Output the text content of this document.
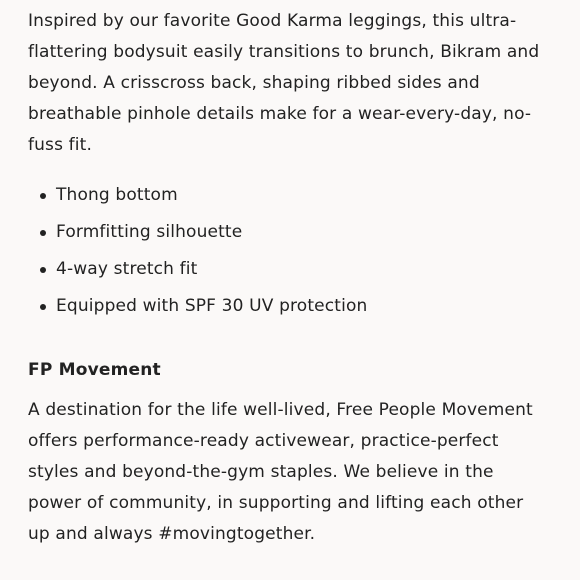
Inspired by our favorite Good Karma leggings, this ultra-flattering bodysuit easily transitions to brunch, Bikram and beyond. A crisscross back, shaping ribbed sides and breathable pinhole details make for a wear-every-day, no-fuss fit.

Thong bottom
Formfitting silhouette
4-way stretch fit
Equipped with SPF 30 UV protection
FP Movement

A destination for the life well-lived, Free People Movement offers performance-ready activewear, practice-perfect styles and beyond-the-gym staples. We believe in the power of community, in supporting and lifting each other up and always #movingtogether.
